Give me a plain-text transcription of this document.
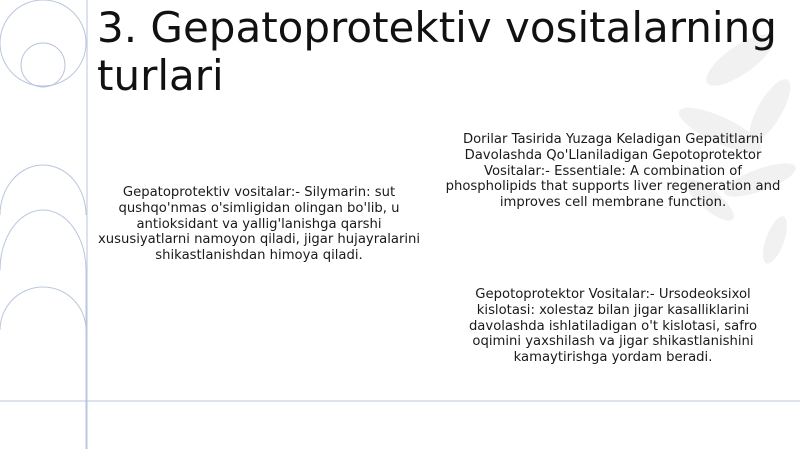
3. Gepatoprotektiv vositalarning turlari

Gepatoprotektiv vositalar:- Silymarin: sut qushqo'nmas o'simligidan olingan bo'lib, u antioksidant va yallig'lanishga qarshi xususiyatlarni namoyon qiladi, jigar hujayralarini shikastlanishdan himoya qiladi.

Dorilar Tasirida Yuzaga Keladigan Gepatitlarni Davolashda Qo'Llaniladigan Gepotoprotektor Vositalar:- Essentiale: A combination of phospholipids that supports liver regeneration and improves cell membrane function.

Gepotoprotektor Vositalar:- Ursodeoksixol kislotasi: xolestaz bilan jigar kasalliklarini davolashda ishlatiladigan o't kislotasi, safro oqimini yaxshilash va jigar shikastlanishini kamaytirishga yordam beradi.
